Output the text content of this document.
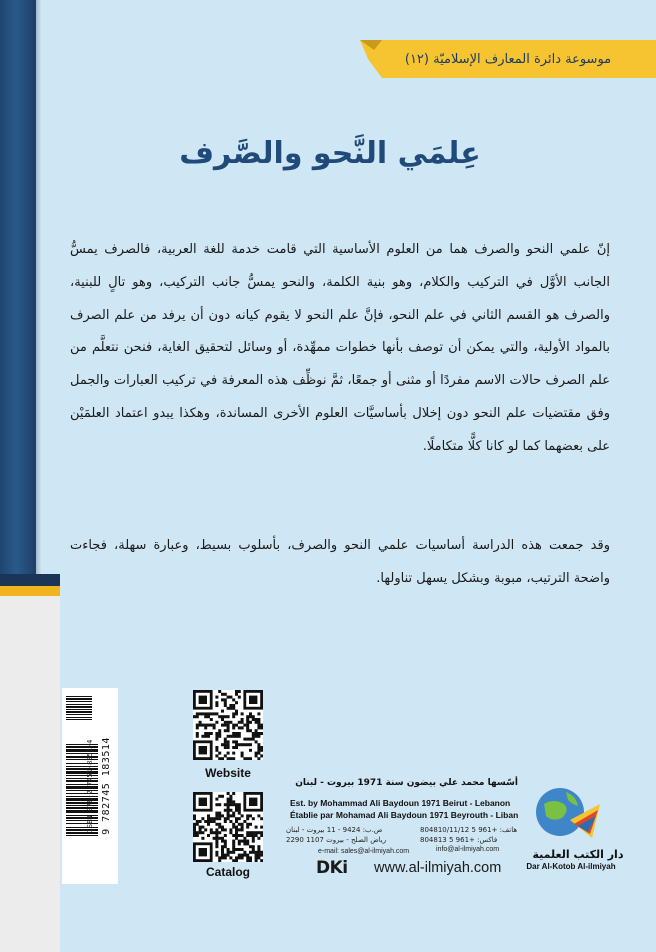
موسوعة دائرة المعارف الإسلاميّة (١٢)
عِلمَي النَّحو والصَّرف

إنّ علمي النحو والصرف هما من العلوم الأساسية التي قامت خدمة للغة العربية، فالصرف يمسُّ الجانب الأوَّل في التركيب والكلام، وهو بنية الكلمة، والنحو يمسُّ جانب التركيب، وهو تالٍ للبنية، والصرف هو القسم الثاني في علم النحو، فإنَّ علم النحو لا يقوم كيانه دون أن يرفد من علم الصرف بالمواد الأولية، والتي يمكن أن توصف بأنها خطوات ممهِّدة، أو وسائل لتحقيق الغاية، فنحن نتعلَّم من علم الصرف حالات الاسم مفردًا أو مثنى أو جمعًا، ثمَّ نوظِّف هذه المعرفة في تركيب العبارات والجمل وفق مقتضيات علم النحو دون إخلال بأساسيَّات العلوم الأخرى المساندة، وهكذا يبدو اعتماد العلمَيْن على بعضهما كما لو كانا كلًّا متكاملًا.

وقد جمعت هذه الدراسة أساسيات علمي النحو والصرف، بأسلوب بسيط، وعبارة سهلة، فجاءت واضحة الترتيب، مبوبة وبشكل يسهل تناولها.

ISBN 978-2-7451-8351-4 9 782745 183514	Website
Catalog
دار الكتب العلمية
Dar Al-Kotob Al-ilmiyah
أسّسها محمد علي بيضون سنة 1971 بيروت - لبنان
Est. by Mohammad Ali Baydoun 1971 Beirut - Lebanon
Établie par Mohamad Ali Baydoun 1971 Beyrouth - Liban
ص.ب: 9424 - 11 بيروت - لبنان
رياض الصلح - بيروت 1107 2290
هاتف: +961 5 804810/11/12
فاكس: +961 5 804813
e-mail: sales@al-ilmiyah.com	info@al-ilmiyah.com
DKi	www.al-ilmiyah.com
